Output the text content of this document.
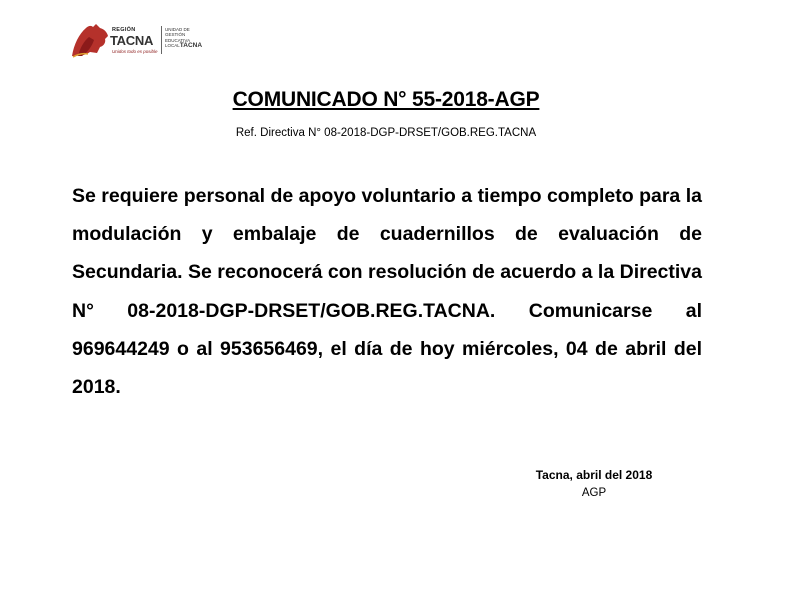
REGIÓN
TACNA
Unidos todo es posible
UNIDAD DE
GESTIÓN
EDUCATIVA
LOCALTACNA
COMUNICADO N° 55-2018-AGP
Ref. Directiva N° 08-2018-DGP-DRSET/GOB.REG.TACNA

Se requiere personal de apoyo voluntario a tiempo completo para la modulación y embalaje de cuadernillos de evaluación de Secundaria. Se reconocerá con resolución de acuerdo a la Directiva N° 08-2018-DGP-DRSET/GOB.REG.TACNA. Comunicarse al 969644249 o al 953656469, el día de hoy miércoles, 04 de abril del 2018.

Tacna, abril del 2018
AGP
